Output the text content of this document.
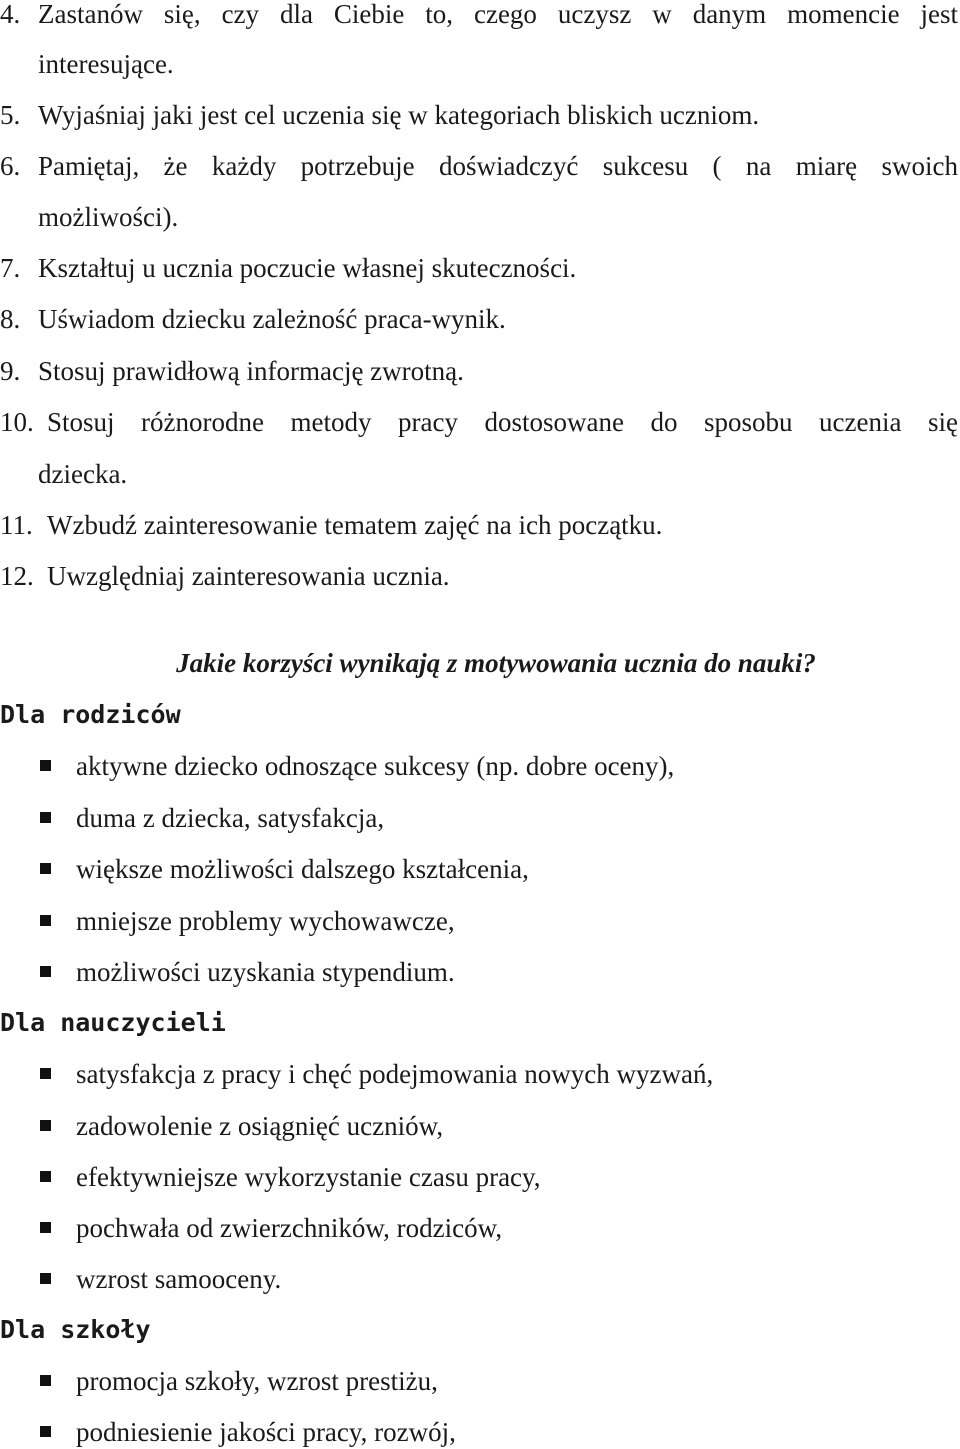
4. Zastanów się, czy dla Ciebie to, czego uczysz w danym momencie jest
interesujące.
5. Wyjaśniaj jaki jest cel uczenia się w kategoriach bliskich uczniom.
6. Pamiętaj, że każdy potrzebuje doświadczyć sukcesu ( na miarę swoich
możliwości).
7. Kształtuj u ucznia poczucie własnej skuteczności.
8. Uświadom dziecku zależność praca-wynik.
9. Stosuj prawidłową informację zwrotną.
10. Stosuj różnorodne metody pracy dostosowane do sposobu uczenia się
dziecka.
11. Wzbudź zainteresowanie tematem zajęć na ich początku.
12. Uwzględniaj zainteresowania ucznia.
Jakie korzyści wynikają z motywowania ucznia do nauki?
Dla rodziców
aktywne dziecko odnoszące sukcesy (np. dobre oceny),
duma z dziecka, satysfakcja,
większe możliwości dalszego kształcenia,
mniejsze problemy wychowawcze,
możliwości uzyskania stypendium.
Dla nauczycieli
satysfakcja z pracy i chęć podejmowania nowych wyzwań,
zadowolenie z osiągnięć uczniów,
efektywniejsze wykorzystanie czasu pracy,
pochwała od zwierzchników, rodziców,
wzrost samooceny.
Dla szkoły
promocja szkoły, wzrost prestiżu,
podniesienie jakości pracy, rozwój,
